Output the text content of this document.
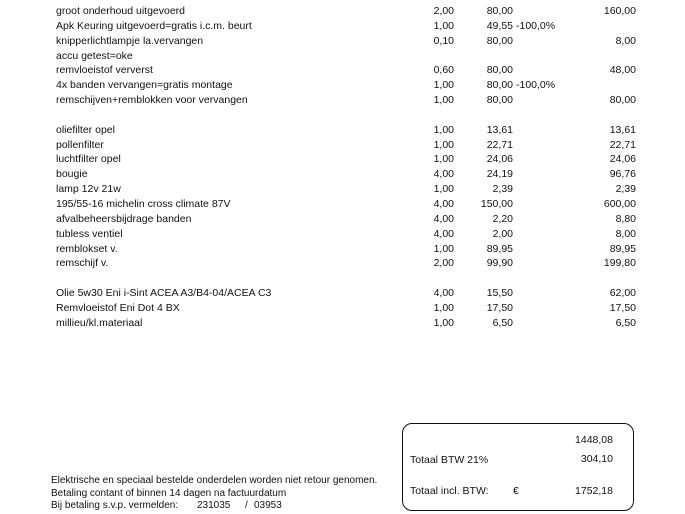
groot onderhoud uitgevoerd	2,00	80,00	160,00
Apk Keuring uitgevoerd=gratis i.c.m. beurt	1,00	49,55 -100,0%
knipperlichtlampje la.vervangen	0,10	80,00	8,00
accu getest=oke
remvloeistof ververst	0,60	80,00	48,00
4x banden vervangen=gratis montage	1,00	80,00 -100,0%
remschijven+remblokken voor vervangen	1,00	80,00	80,00
oliefilter opel	1,00	13,61	13,61
pollenfilter	1,00	22,71	22,71
luchtfilter opel	1,00	24,06	24,06
bougie	4,00	24,19	96,76
lamp 12v 21w	1,00	2,39	2,39
195/55-16 michelin cross climate 87V	4,00	150,00	600,00
afvalbeheersbijdrage banden	4,00	2,20	8,80
tubless ventiel	4,00	2,00	8,00
remblokset v.	1,00	89,95	89,95
remschijf v.	2,00	99,90	199,80
Olie 5w30 Eni i-Sint ACEA A3/B4-04/ACEA C3	4,00	15,50	62,00
Remvloeistof Eni Dot 4 BX	1,00	17,50	17,50
millieu/kl.materiaal	1,00	6,50	6,50
1448,08
Totaal BTW 21%	304,10
Totaal incl. BTW: €	1752,18
Elektrische en speciaal bestelde onderdelen worden niet retour genomen.
Betaling contant of binnen 14 dagen na factuurdatum
Bij betaling s.v.p. vermelden: 231035 / 03953
